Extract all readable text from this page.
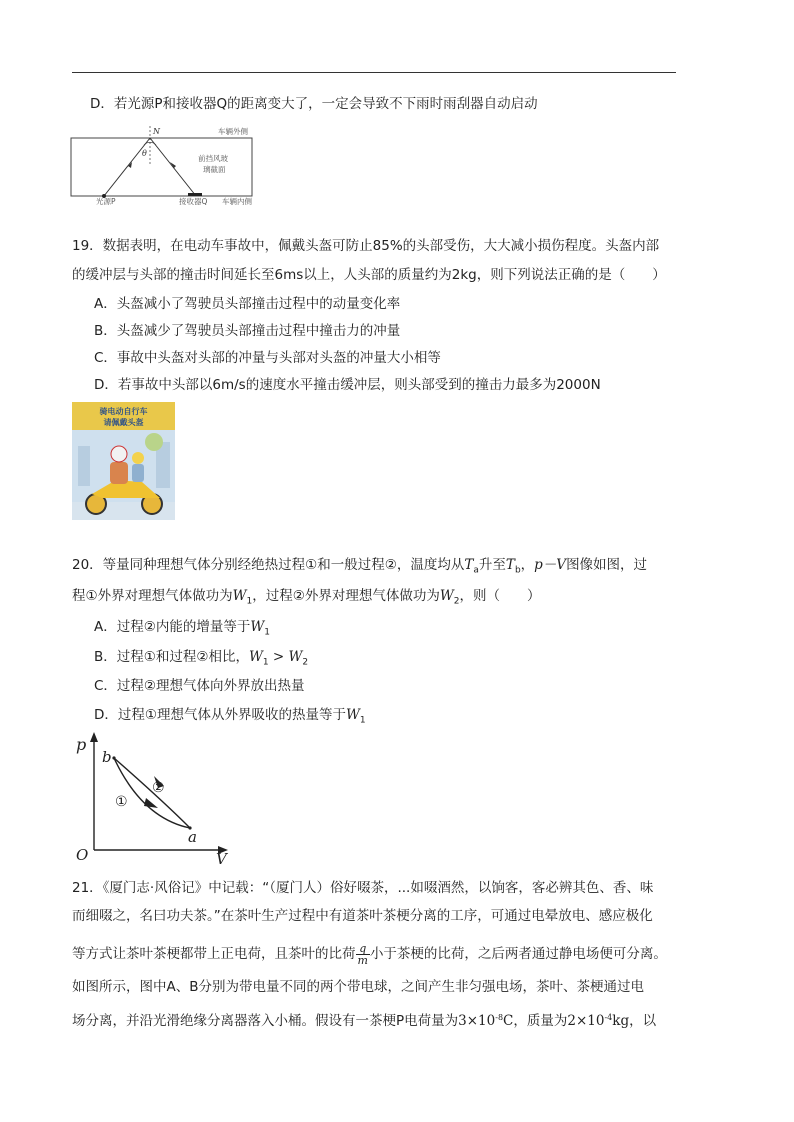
D．若光源P和接收器Q的距离变大了，一定会导致不下雨时雨刮器自动启动
N
θ
车辆外侧
前挡风玻
璃截面
光源P	接收器Q 车辆内侧
19．数据表明，在电动车事故中，佩戴头盔可防止85%的头部受伤，大大减小损伤程度。头盔内部
的缓冲层与头部的撞击时间延长至6ms以上，人头部的质量约为2kg，则下列说法正确的是（　　）
A．头盔减小了驾驶员头部撞击过程中的动量变化率
B．头盔减少了驾驶员头部撞击过程中撞击力的冲量
C．事故中头盔对头部的冲量与头部对头盔的冲量大小相等
D．若事故中头部以6m/s的速度水平撞击缓冲层，则头部受到的撞击力最多为2000N
骑电动自行车
请佩戴头盔
20．等量同种理想气体分别经绝热过程①和一般过程②，温度均从$T_a$升至$T_b$，p－V图像如图，过
程①外界对理想气体做功为$W_1$，过程②外界对理想气体做功为$W_2$，则（　　）
A．过程②内能的增量等于$W_1$
B．过程①和过程②相比，$W_1 > W_2$
C．过程②理想气体向外界放出热量
D．过程①理想气体从外界吸收的热量等于$W_1$
p
V
O
b
a
①
②
21．《厦门志·风俗记》中记载：“（厦门人）俗好啜茶，...如啜酒然，以饷客，客必辨其色、香、味
而细啜之，名曰功夫茶。”在茶叶生产过程中有道茶叶茶梗分离的工序，可通过电晕放电、感应极化
等方式让茶叶茶梗都带上正电荷，且茶叶的比荷 $\frac{q}{m}$ 小于茶梗的比荷，之后两者通过静电场便可分离。
如图所示，图中A、B分别为带电量不同的两个带电球，之间产生非匀强电场，茶叶、茶梗通过电
场分离，并沿光滑绝缘分离器落入小桶。假设有一茶梗P电荷量为$3\times 10^{-8}C$，质量为$2\times 10^{-4}kg$，以
